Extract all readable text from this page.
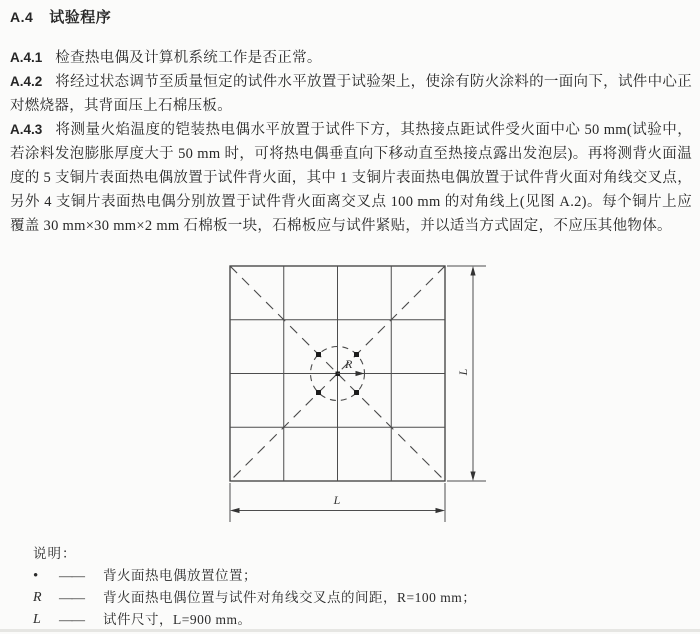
A.4 试验程序

A.4.1 检查热电偶及计算机系统工作是否正常。

A.4.2 将经过状态调节至质量恒定的试件水平放置于试验架上，使涂有防火涂料的一面向下，试件中心正对燃烧器，其背面压上石棉压板。

A.4.3 将测量火焰温度的铠装热电偶水平放置于试件下方，其热接点距试件受火面中心 50 mm(试验中，若涂料发泡膨胀厚度大于 50 mm 时，可将热电偶垂直向下移动直至热接点露出发泡层)。再将测背火面温度的 5 支铜片表面热电偶放置于试件背火面，其中 1 支铜片表面热电偶放置于试件背火面对角线交叉点，另外 4 支铜片表面热电偶分别放置于试件背火面离交叉点 100 mm 的对角线上(见图 A.2)。每个铜片上应覆盖 30 mm×30 mm×2 mm 石棉板一块，石棉板应与试件紧贴，并以适当方式固定，不应压其他物体。

R
L
L
说明：
•	——	背火面热电偶放置位置；
R	——	背火面热电偶位置与试件对角线交叉点的间距，R=100 mm；
L	——	试件尺寸，L=900 mm。
